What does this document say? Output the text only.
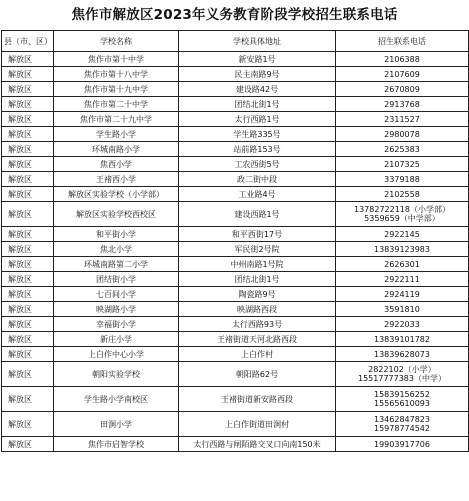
焦作市解放区2023年义务教育阶段学校招生联系电话
县（市、区）	学校名称	学校具体地址	招生联系电话
解放区	焦作市第十中学	新安路1号	2106388
解放区	焦作市第十八中学	民主南路9号	2107609
解放区	焦作市第十九中学	建设路42号	2670809
解放区	焦作市第二十中学	团结北街1号	2913768
解放区	焦作市第二十九中学	太行西路1号	2311527
解放区	学生路小学	学生路335号	2980078
解放区	环城南路小学	站前路153号	2625383
解放区	焦西小学	工农西街5号	2107325
解放区	王褚西小学	政二街中段	3379188
解放区	解放区实验学校（小学部）	工业路4号	2102558
解放区	解放区实验学校西校区	建设西路1号	13782722118（小学部）
5359659（中学部）
解放区	和平街小学	和平西街17号	2922145
解放区	焦北小学	军民街2号院	13839123983
解放区	环城南路第二小学	中州南路1号院	2626301
解放区	团结街小学	团结北街1号	2922111
解放区	七百间小学	陶瓷路9号	2924119
解放区	映湖路小学	映湖路西段	3591810
解放区	幸福街小学	太行西路93号	2922033
解放区	新庄小学	王褚街道天河北路西段	13839101782
解放区	上白作中心小学	上白作村	13839628073
解放区	朝阳实验学校	朝阳路62号	2822102（小学）
15517777383（中学）
解放区	学生路小学南校区	王褚街道新安路西段	15839156252
15565610093
解放区	田涧小学	上白作街道田涧村	13462847823
15978774542
解放区	焦作市启智学校	太行西路与闸陌路交叉口向南150米	19903917706
